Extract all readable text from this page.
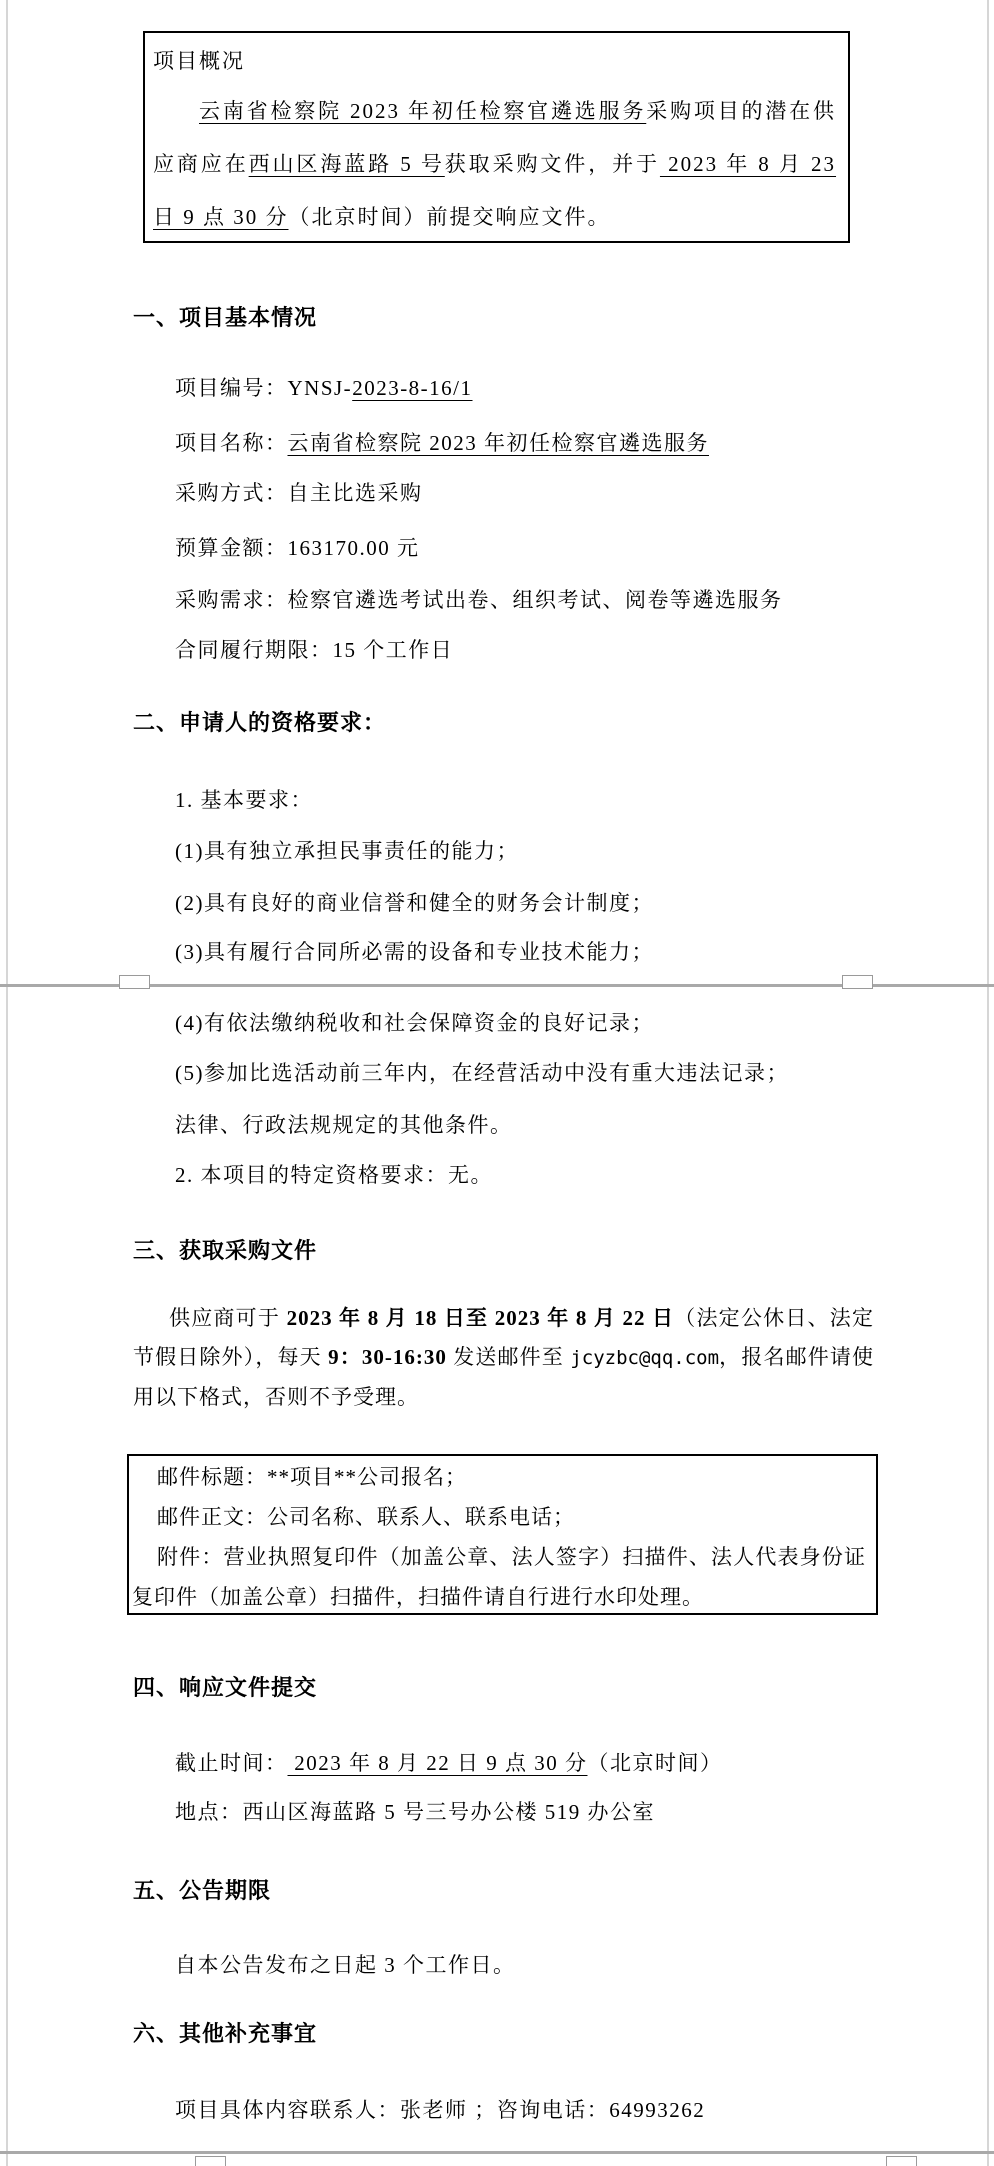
项目概况

云南省检察院 2023 年初任检察官遴选服务采购项目的潜在供应商应在西山区海蓝路 5 号获取采购文件，并于 2023 年 8 月 23 日 9 点 30 分（北京时间）前提交响应文件。

一、项目基本情况
项目编号：YNSJ-2023-8-16/1
项目名称：云南省检察院 2023 年初任检察官遴选服务
采购方式：自主比选采购
预算金额：163170.00 元
采购需求：检察官遴选考试出卷、组织考试、阅卷等遴选服务
合同履行期限：15 个工作日
二、申请人的资格要求：
1. 基本要求：
(1)具有独立承担民事责任的能力；
(2)具有良好的商业信誉和健全的财务会计制度；
(3)具有履行合同所必需的设备和专业技术能力；
(4)有依法缴纳税收和社会保障资金的良好记录；
(5)参加比选活动前三年内，在经营活动中没有重大违法记录；
法律、行政法规规定的其他条件。
2. 本项目的特定资格要求：无。
三、获取采购文件

供应商可于 2023 年 8 月 18 日至 2023 年 8 月 22 日（法定公休日、法定节假日除外），每天 9：30-16:30 发送邮件至 jcyzbc@qq.com，报名邮件请使用以下格式，否则不予受理。

邮件标题：**项目**公司报名；

邮件正文：公司名称、联系人、联系电话；

附件：营业执照复印件（加盖公章、法人签字）扫描件、法人代表身份证复印件（加盖公章）扫描件，扫描件请自行进行水印处理。

四、响应文件提交
截止时间： 2023 年 8 月 22 日 9 点 30 分（北京时间）
地点：西山区海蓝路 5 号三号办公楼 519 办公室
五、公告期限
自本公告发布之日起 3 个工作日。
六、其他补充事宜
项目具体内容联系人：张老师 ；咨询电话：64993262
